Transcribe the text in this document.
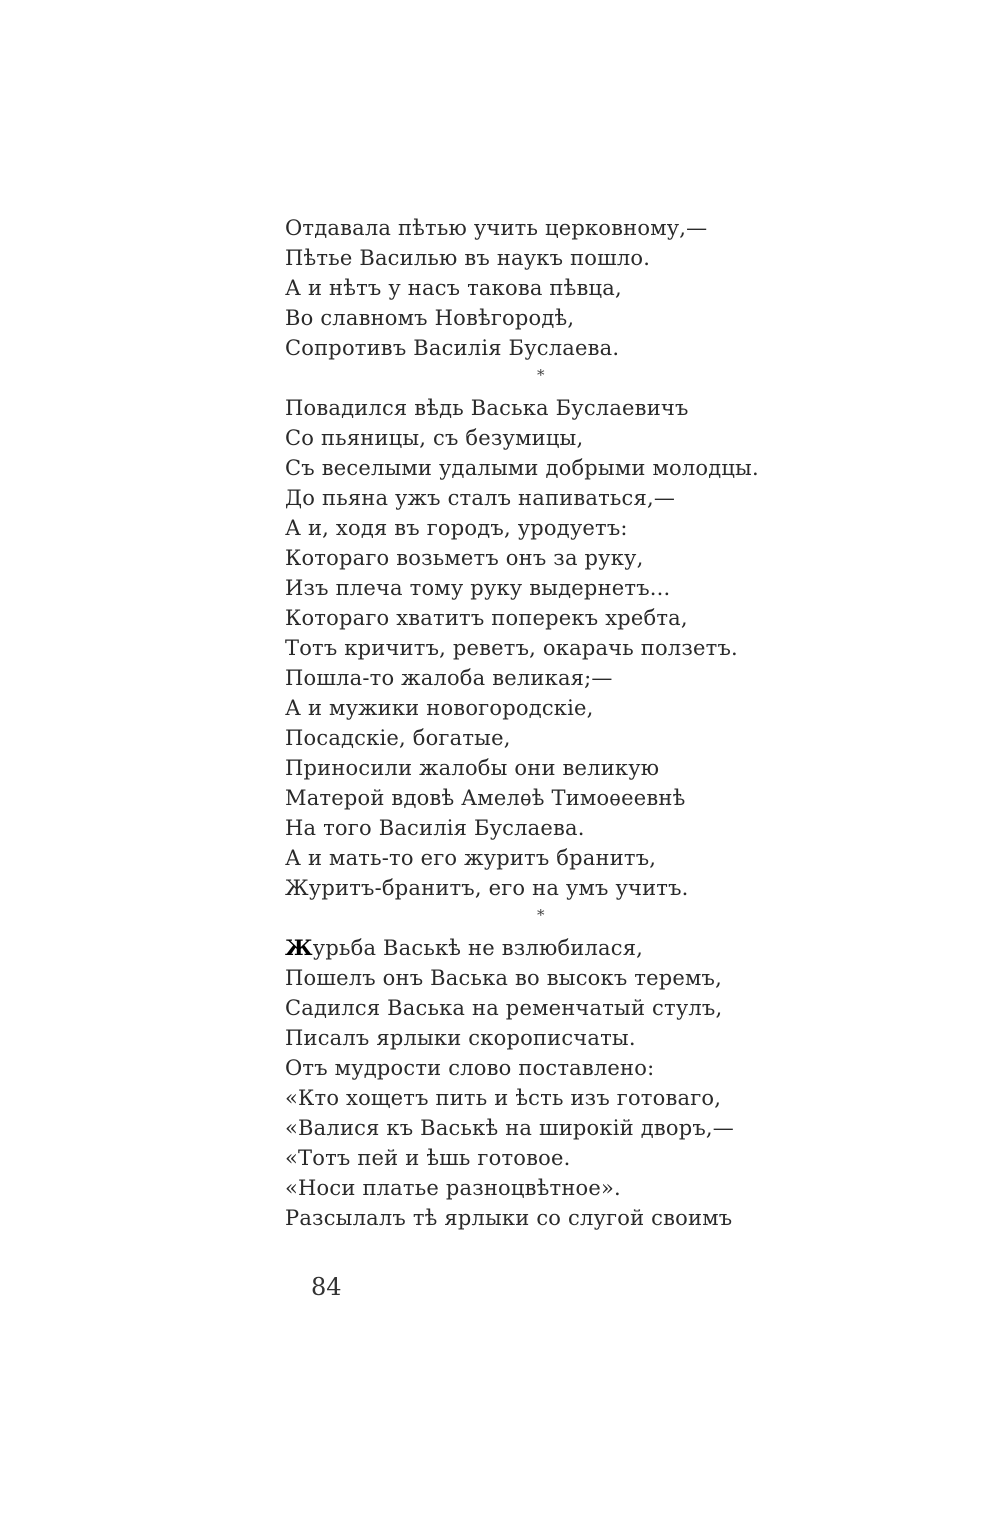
Отдавала пѣтью учить церковному,—
Пѣтье Василью въ наукъ пошло.
А и нѣтъ у насъ такова пѣвца,
Во славномъ Новѣгородѣ,
Сопротивъ Василія Буслаева.
*
Повадился вѣдь Васька Буслаевичъ
Со пьяницы, съ безумицы,
Съ веселыми удалыми добрыми молодцы.
До пьяна ужъ сталъ напиваться,—
А и, ходя въ городъ, уродуетъ:
Котораго возьметъ онъ за руку,
Изъ плеча тому руку выдернетъ...
Котораго хватитъ поперекъ хребта,
Тотъ кричитъ, реветъ, окарачь ползетъ.
Пошла-то жалоба великая;—
А и мужики новогородскіе,
Посадскіе, богатые,
Приносили жалобы они великую
Матерой вдовѣ Амелѳѣ Тимоѳеевнѣ
На того Василія Буслаева.
А и мать-то его журитъ бранитъ,
Журитъ-бранитъ, его на умъ учитъ.
*
Журьба Васькѣ не взлюбилася,
Пошелъ онъ Васька во высокъ теремъ,
Садился Васька на ременчатый стулъ,
Писалъ ярлыки скорописчаты.
Отъ мудрости слово поставлено:
«Кто хощетъ пить и ѣсть изъ готоваго,
«Валися къ Васькѣ на широкій дворъ,—
«Тотъ пей и ѣшь готовое.
«Носи платье разноцвѣтное».
Разсылалъ тѣ ярлыки со слугой своимъ
84
